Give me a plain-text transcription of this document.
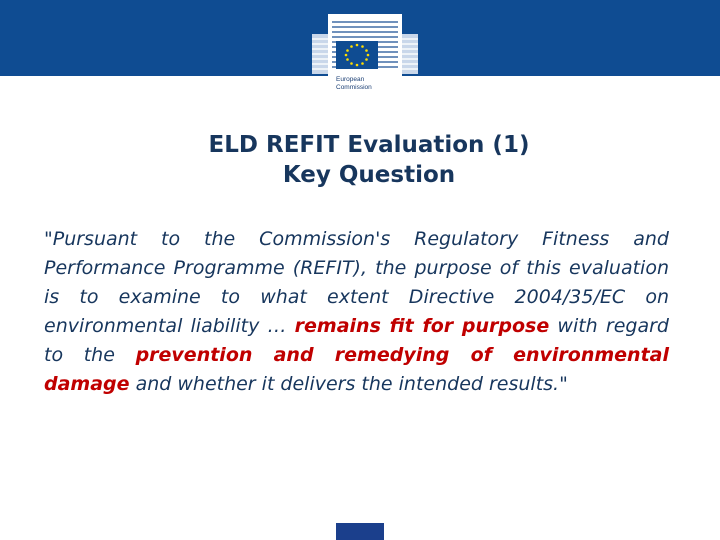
European
Commission
ELD REFIT Evaluation (1)
Key Question

"Pursuant to the Commission's Regulatory Fitness and Performance Programme (REFIT), the purpose of this evaluation is to examine to what extent Directive 2004/35/EC on environmental liability … remains fit for purpose with regard to the prevention and remedying of environmental damage and whether it delivers the intended results."
